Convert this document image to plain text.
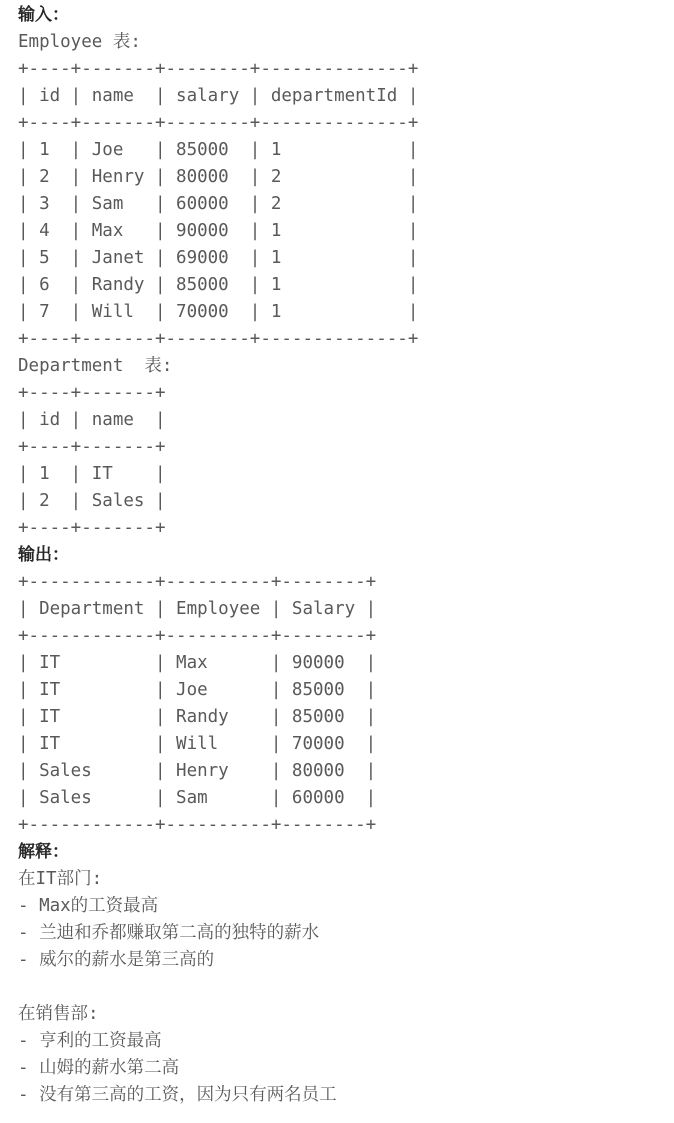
输入：
Employee 表:
+----+-------+--------+--------------+
| id | name  | salary | departmentId |
+----+-------+--------+--------------+
| 1  | Joe   | 85000  | 1            |
| 2  | Henry | 80000  | 2            |
| 3  | Sam   | 60000  | 2            |
| 4  | Max   | 90000  | 1            |
| 5  | Janet | 69000  | 1            |
| 6  | Randy | 85000  | 1            |
| 7  | Will  | 70000  | 1            |
+----+-------+--------+--------------+
Department  表:
+----+-------+
| id | name  |
+----+-------+
| 1  | IT    |
| 2  | Sales |
+----+-------+
输出：
+------------+----------+--------+
| Department | Employee | Salary |
+------------+----------+--------+
| IT         | Max      | 90000  |
| IT         | Joe      | 85000  |
| IT         | Randy    | 85000  |
| IT         | Will     | 70000  |
| Sales      | Henry    | 80000  |
| Sales      | Sam      | 60000  |
+------------+----------+--------+
解释：
在IT部门:
- Max的工资最高
- 兰迪和乔都赚取第二高的独特的薪水
- 威尔的薪水是第三高的
在销售部:
- 亨利的工资最高
- 山姆的薪水第二高
- 没有第三高的工资，因为只有两名员工
